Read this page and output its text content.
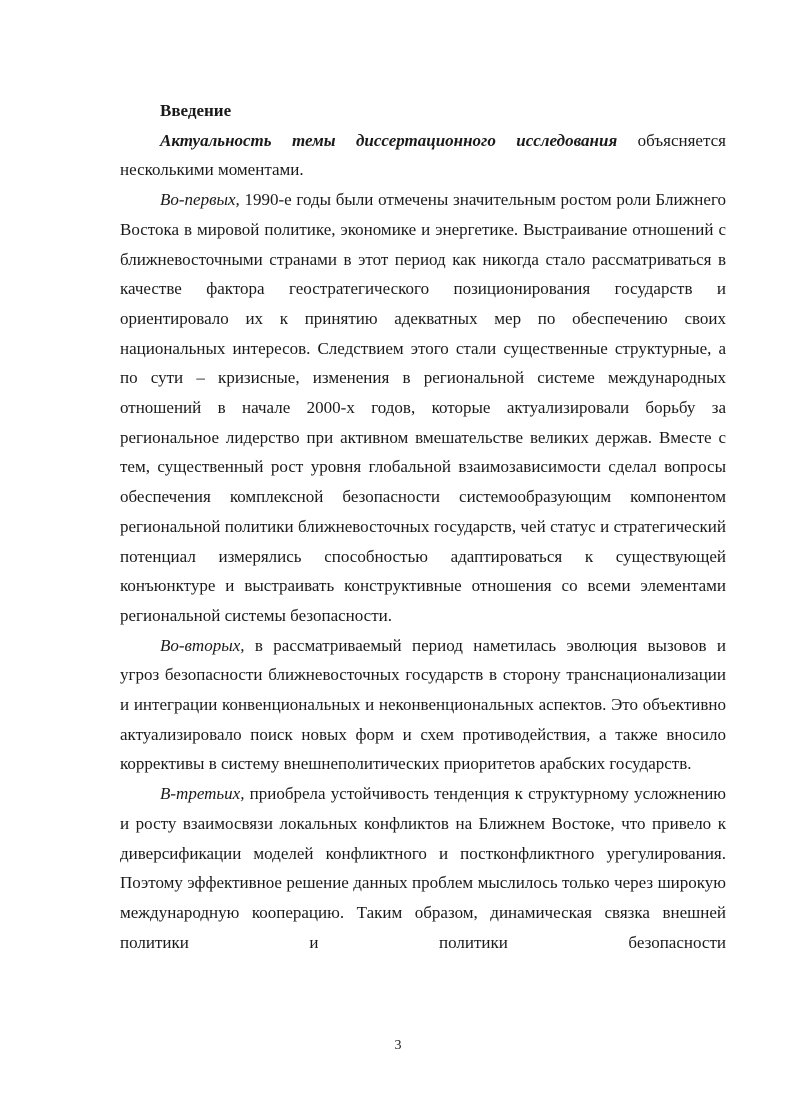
Введение

Актуальность темы диссертационного исследования объясняется несколькими моментами.

Во-первых, 1990-е годы были отмечены значительным ростом роли Ближнего Востока в мировой политике, экономике и энергетике. Выстраивание отношений с ближневосточными странами в этот период как никогда стало рассматриваться в качестве фактора геостратегического позиционирования государств и ориентировало их к принятию адекватных мер по обеспечению своих национальных интересов. Следствием этого стали существенные структурные, а по сути – кризисные, изменения в региональной системе международных отношений в начале 2000-х годов, которые актуализировали борьбу за региональное лидерство при активном вмешательстве великих держав. Вместе с тем, существенный рост уровня глобальной взаимозависимости сделал вопросы обеспечения комплексной безопасности системообразующим компонентом региональной политики ближневосточных государств, чей статус и стратегический потенциал измерялись способностью адаптироваться к существующей конъюнктуре и выстраивать конструктивные отношения со всеми элементами региональной системы безопасности.

Во-вторых, в рассматриваемый период наметилась эволюция вызовов и угроз безопасности ближневосточных государств в сторону транснационализации и интеграции конвенциональных и неконвенциональных аспектов. Это объективно актуализировало поиск новых форм и схем противодействия, а также вносило коррективы в систему внешнеполитических приоритетов арабских государств.

В-третьих, приобрела устойчивость тенденция к структурному усложнению и росту взаимосвязи локальных конфликтов на Ближнем Востоке, что привело к диверсификации моделей конфликтного и постконфликтного урегулирования. Поэтому эффективное решение данных проблем мыслилось только через широкую международную кооперацию. Таким образом, динамическая связка внешней политики и политики безопасности

3
